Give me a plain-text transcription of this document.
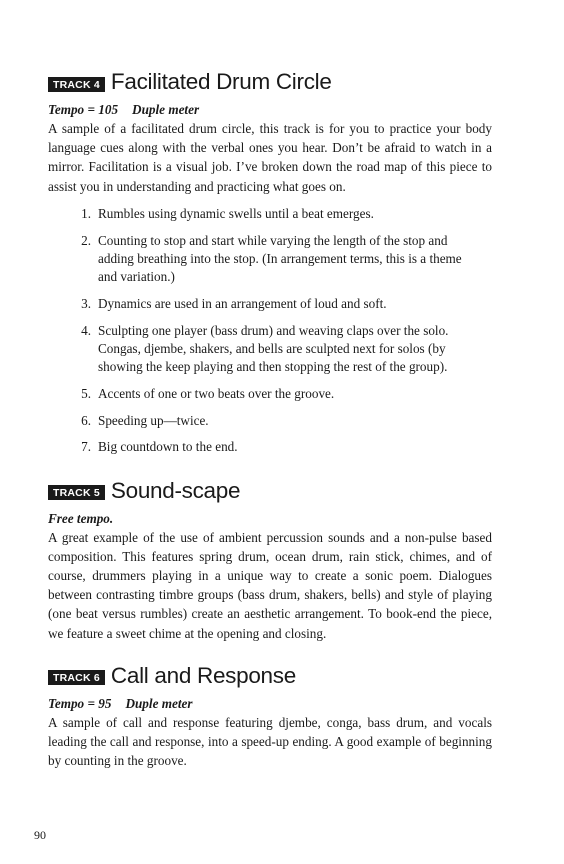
TRACK 4 Facilitated Drum Circle

Tempo = 105 Duple meter

A sample of a facilitated drum circle, this track is for you to practice your body language cues along with the verbal ones you hear. Don’t be afraid to watch in a mirror. Facilitation is a visual job. I’ve broken down the road map of this piece to assist you in understanding and practicing what goes on.

1. Rumbles using dynamic swells until a beat emerges.
2. Counting to stop and start while varying the length of the stop and adding breathing into the stop. (In arrangement terms, this is a theme and variation.)
3. Dynamics are used in an arrangement of loud and soft.
4. Sculpting one player (bass drum) and weaving claps over the solo. Congas, djembe, shakers, and bells are sculpted next for solos (by showing the keep playing and then stopping the rest of the group).
5. Accents of one or two beats over the groove.
6. Speeding up—twice.
7. Big countdown to the end.
TRACK 5 Sound-scape

Free tempo.

A great example of the use of ambient percussion sounds and a non-pulse based composition. This features spring drum, ocean drum, rain stick, chimes, and of course, drummers playing in a unique way to create a sonic poem. Dialogues between contrasting timbre groups (bass drum, shakers, bells) and style of playing (one beat versus rumbles) create an aesthetic arrangement. To book-end the piece, we feature a sweet chime at the opening and closing.

TRACK 6 Call and Response

Tempo = 95 Duple meter

A sample of call and response featuring djembe, conga, bass drum, and vocals leading the call and response, into a speed-up ending. A good example of beginning by counting in the groove.

90
